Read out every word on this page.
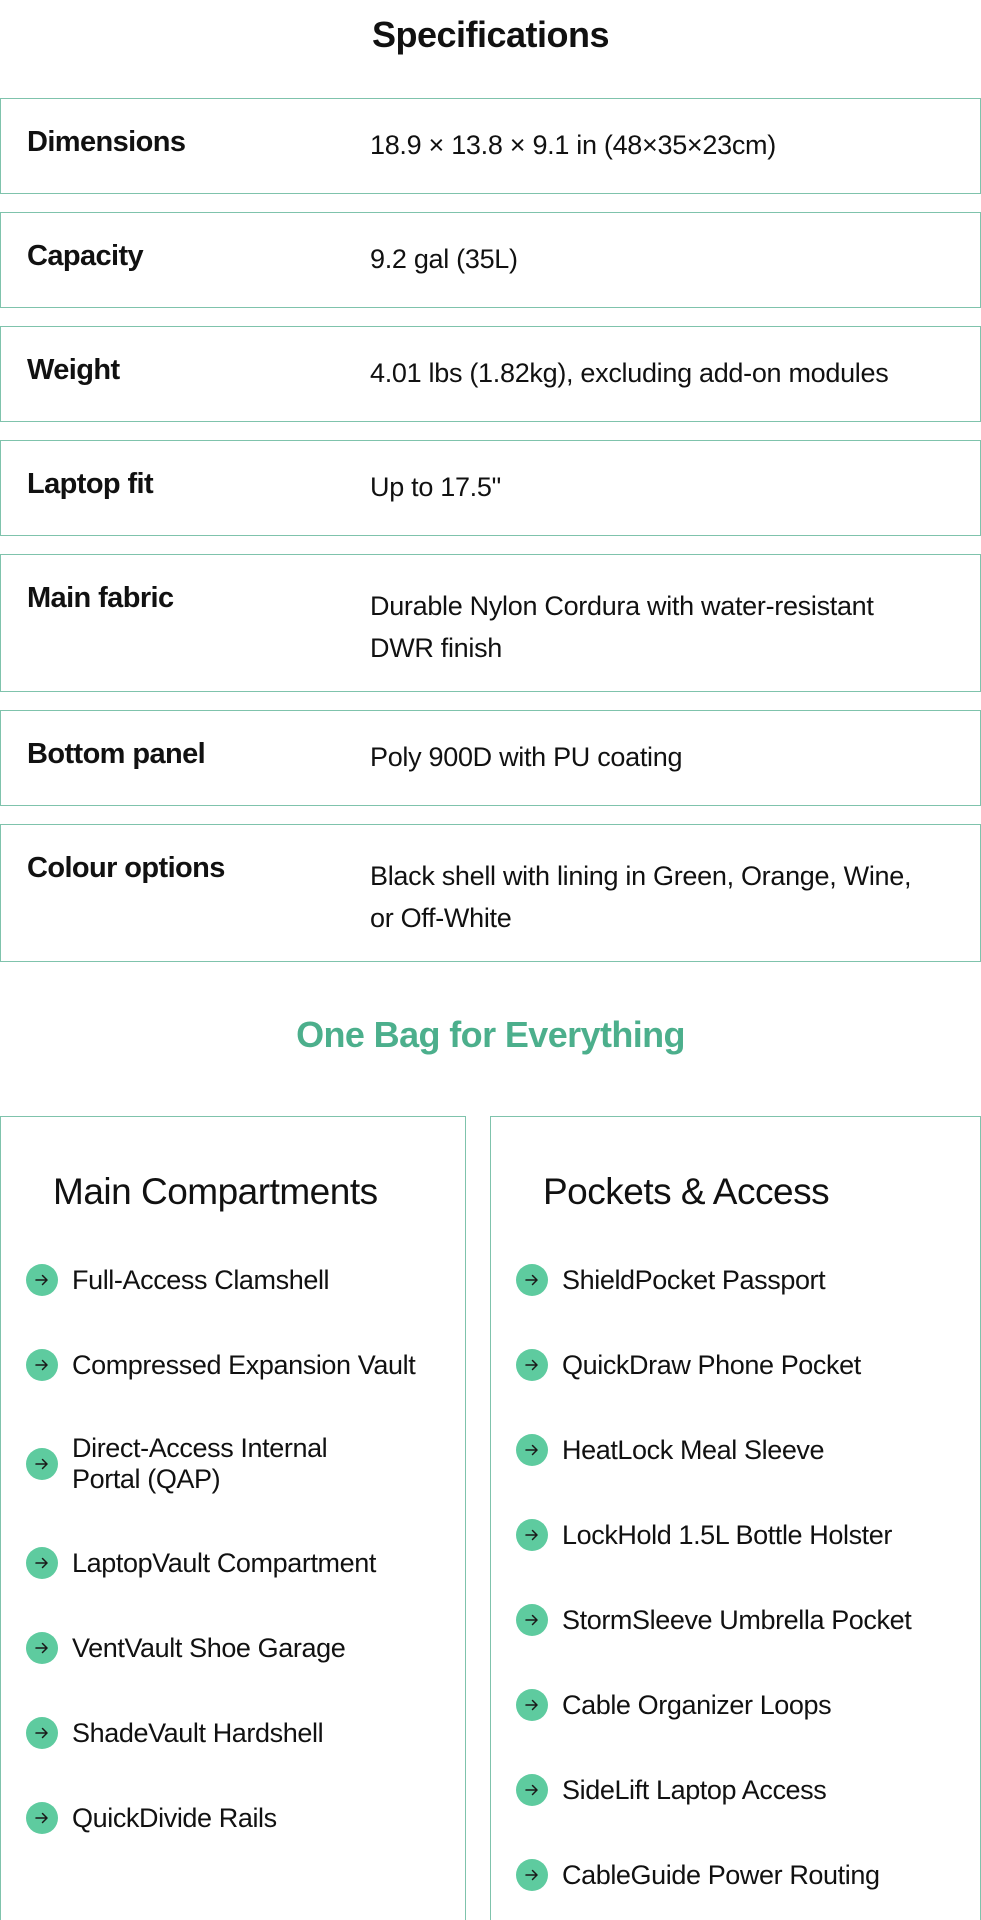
Specifications
Dimensions	18.9 × 13.8 × 9.1 in (48×35×23cm)
Capacity	9.2 gal (35L)
Weight	4.01 lbs (1.82kg), excluding add-on modules
Laptop fit	Up to 17.5"
Main fabric	Durable Nylon Cordura with water-resistant DWR finish
Bottom panel	Poly 900D with PU coating
Colour options	Black shell with lining in Green, Orange, Wine, or Off-White
One Bag for Everything
Main Compartments
Full-Access Clamshell
Compressed Expansion Vault
Direct-Access Internal Portal (QAP)
LaptopVault Compartment
VentVault Shoe Garage
ShadeVault Hardshell
QuickDivide Rails
Pockets & Access
ShieldPocket Passport
QuickDraw Phone Pocket
HeatLock Meal Sleeve
LockHold 1.5L Bottle Holster
StormSleeve Umbrella Pocket
Cable Organizer Loops
SideLift Laptop Access
CableGuide Power Routing
